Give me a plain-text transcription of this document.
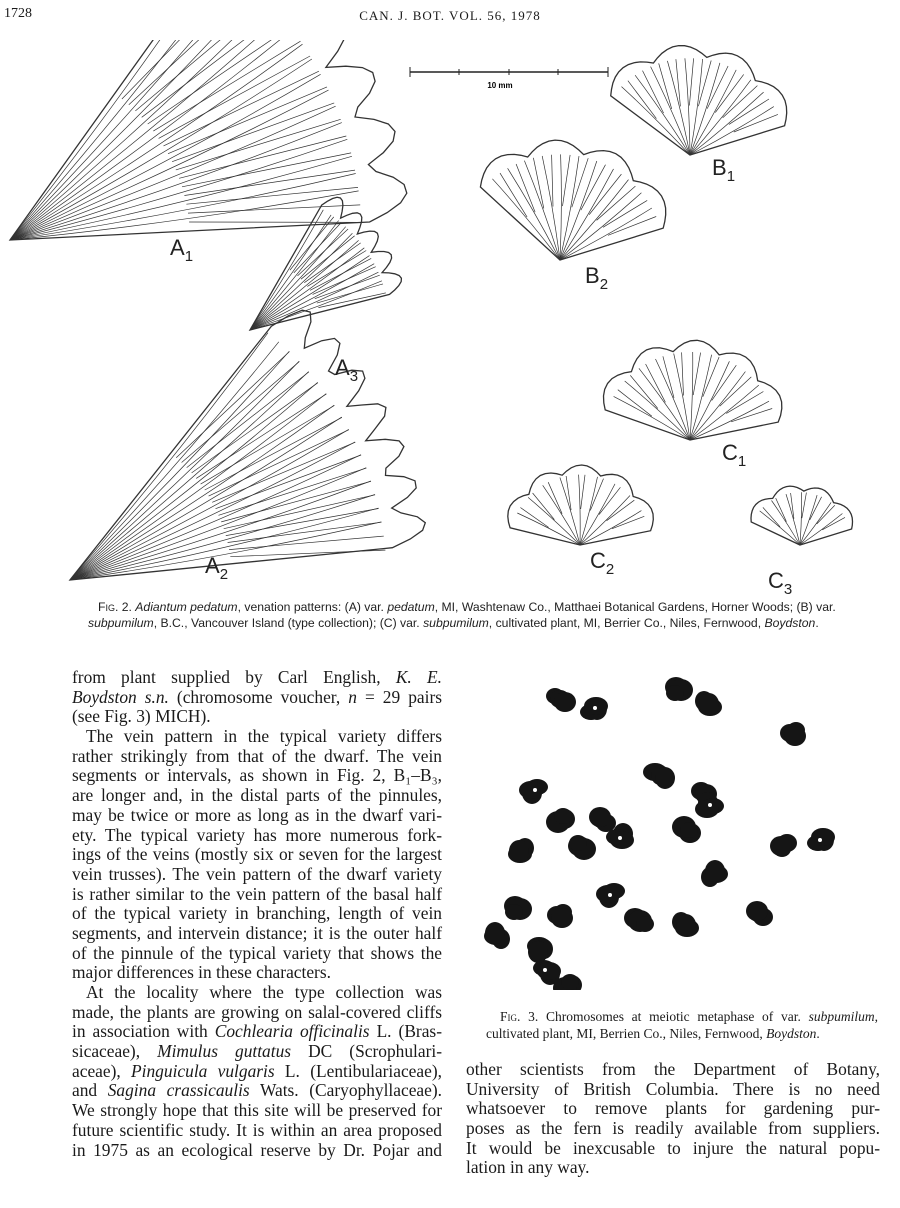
1728	CAN. J. BOT. VOL. 56, 1978
10 mm
$A_1$
$A_3$
$A_2$
$B_1$
$B_2$
$C_1$
$C_2$	$C_3$
Fig. 2. Adiantum pedatum, venation patterns: (A) var. pedatum, MI, Washtenaw Co., Matthaei Botanical Gardens, Horner Woods; (B) var. subpumilum, B.C., Vancouver Island (type collection); (C) var. subpumilum, cultivated plant, MI, Berrier Co., Niles, Fernwood, Boydston.
from plant supplied by Carl English, K. E.
Boydston s.n. (chromosome voucher, n = 29 pairs
(see Fig. 3) MICH).
The vein pattern in the typical variety differs
rather strikingly from that of the dwarf. The vein
segments or intervals, as shown in Fig. 2, B₁–B₃,
are longer and, in the distal parts of the pinnules,
may be twice or more as long as in the dwarf vari-
ety. The typical variety has more numerous fork-
ings of the veins (mostly six or seven for the largest
vein trusses). The vein pattern of the dwarf variety
is rather similar to the vein pattern of the basal half
of the typical variety in branching, length of vein
segments, and intervein distance; it is the outer half
of the pinnule of the typical variety that shows the
major differences in these characters.
At the locality where the type collection was
made, the plants are growing on salal-covered cliffs
in association with Cochlearia officinalis L. (Bras-
sicaceae), Mimulus guttatus DC (Scrophulari-
aceae), Pinguicula vulgaris L. (Lentibulariaceae),
and Sagina crassicaulis Wats. (Caryophyllaceae).
We strongly hope that this site will be preserved for
future scientific study. It is within an area proposed
in 1975 as an ecological reserve by Dr. Pojar and
Fig. 3. Chromosomes at meiotic metaphase of var. subpumilum, cultivated plant, MI, Berrien Co., Niles, Fernwood, Boydston.
other scientists from the Department of Botany,
University of British Columbia. There is no need
whatsoever to remove plants for gardening pur-
poses as the fern is readily available from suppliers.
It would be inexcusable to injure the natural popu-
lation in any way.
